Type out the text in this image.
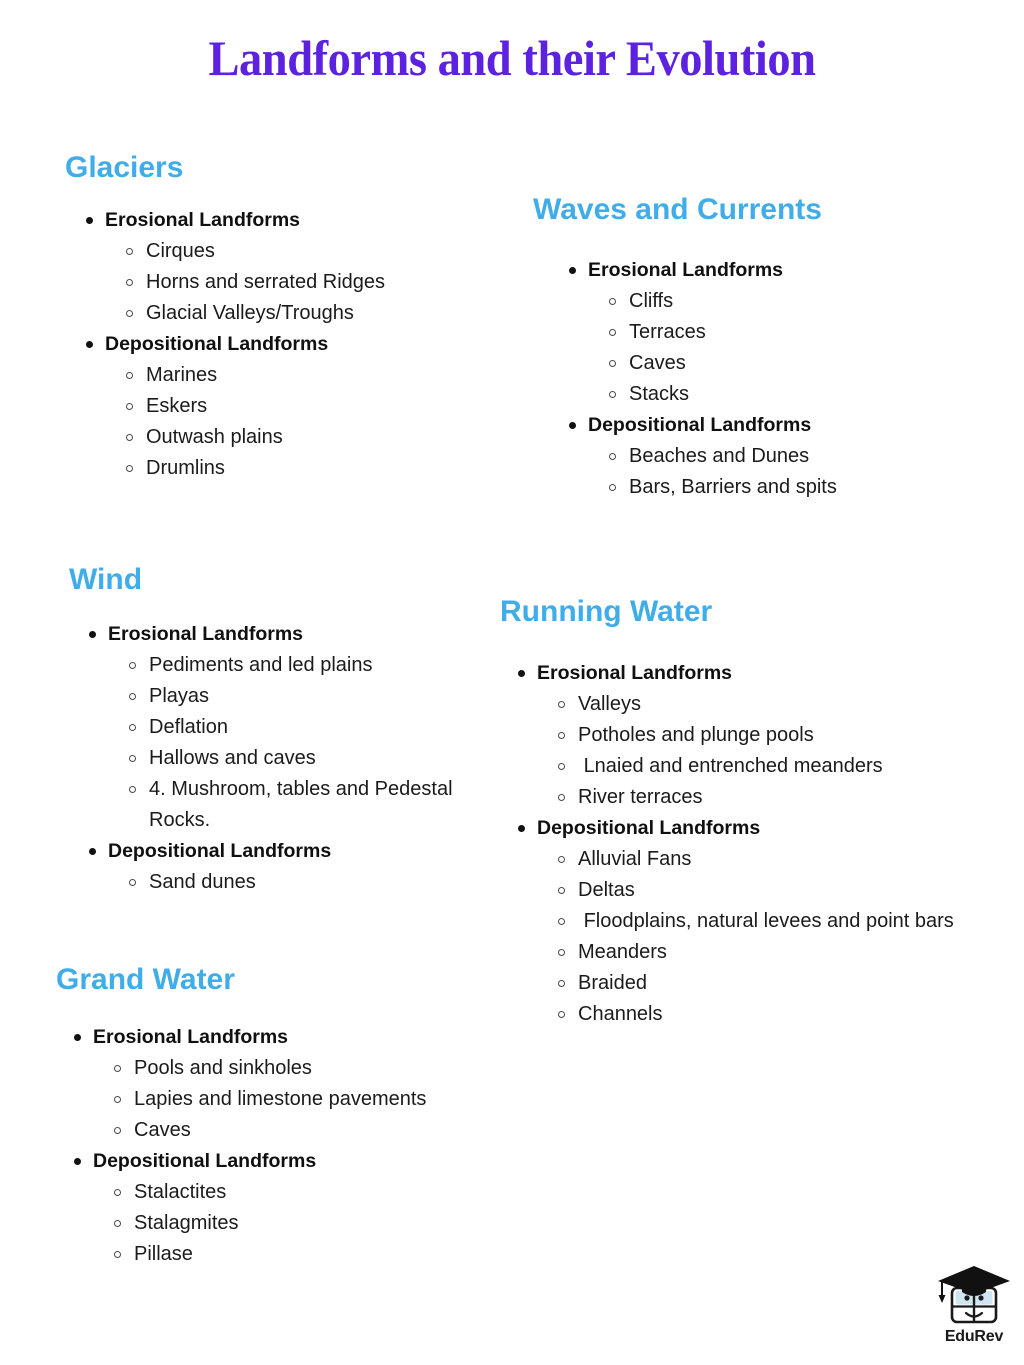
Landforms and their Evolution
Glaciers
Erosional Landforms
Cirques
Horns and serrated Ridges
Glacial Valleys/Troughs
Depositional Landforms
Marines
Eskers
Outwash plains
Drumlins
Waves and Currents
Erosional Landforms
Cliffs
Terraces
Caves
Stacks
Depositional Landforms
Beaches and Dunes
Bars, Barriers and spits
Wind
Erosional Landforms
Pediments and led plains
Playas
Deflation
Hallows and caves
4. Mushroom, tables and Pedestal Rocks.
Depositional Landforms
Sand dunes
Running Water
Erosional Landforms
Valleys
Potholes and plunge pools
Lnaied and entrenched meanders
River terraces
Depositional Landforms
Alluvial Fans
Deltas
Floodplains, natural levees and point bars
Meanders
Braided
Channels
Grand Water
Erosional Landforms
Pools and sinkholes
Lapies and limestone pavements
Caves
Depositional Landforms
Stalactites
Stalagmites
Pillase
EduRev
